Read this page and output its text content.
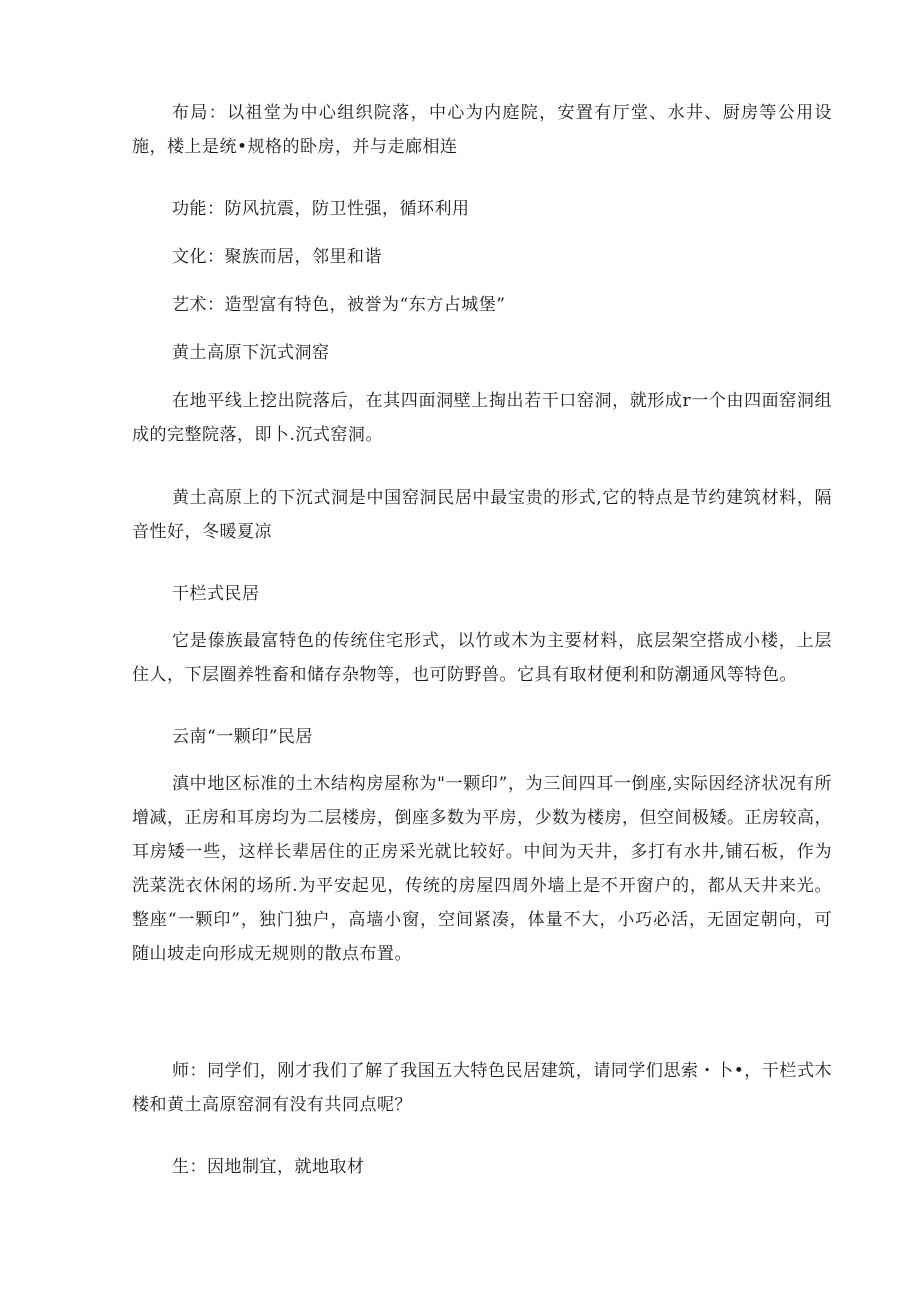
布局：以祖堂为中心组织院落，中心为内庭院，安置有厅堂、水井、厨房等公用设施，楼上是统•规格的卧房，并与走廊相连
功能：防风抗震，防卫性强，循环利用
文化：聚族而居，邻里和谐
艺术：造型富有特色，被誉为“东方占城堡”
黄土高原下沉式洞窑
在地平线上挖出院落后，在其四面洞壁上掏出若干口窑洞，就形成r一个由四面窑洞组成的完整院落，即卜.沉式窑洞。
黄土高原上的下沉式洞是中国窑洞民居中最宝贵的形式,它的特点是节约建筑材料，隔音性好，冬暖夏凉
干栏式民居
它是傣族最富特色的传统住宅形式，以竹或木为主要材料，底层架空搭成小楼，上层住人，下层圈养牲畜和储存杂物等，也可防野兽。它具有取材便利和防潮通风等特色。
云南“一颗印”民居
滇中地区标准的土木结构房屋称为"一颗印”，为三间四耳一倒座,实际因经济状况有所增减，正房和耳房均为二层楼房，倒座多数为平房，少数为楼房，但空间极矮。正房较高，耳房矮一些，这样长辈居住的正房采光就比较好。中间为天井，多打有水井,铺石板，作为洗菜洗衣休闲的场所.为平安起见，传统的房屋四周外墙上是不开窗户的，都从天井来光。整座“一颗印”，独门独户，高墙小窗，空间紧凑，体量不大，小巧必活，无固定朝向，可随山坡走向形成无规则的散点布置。
师：同学们，刚才我们了解了我国五大特色民居建筑，请同学们思索・卜•，干栏式木楼和黄土高原窑洞有没有共同点呢？
生：因地制宜，就地取材
